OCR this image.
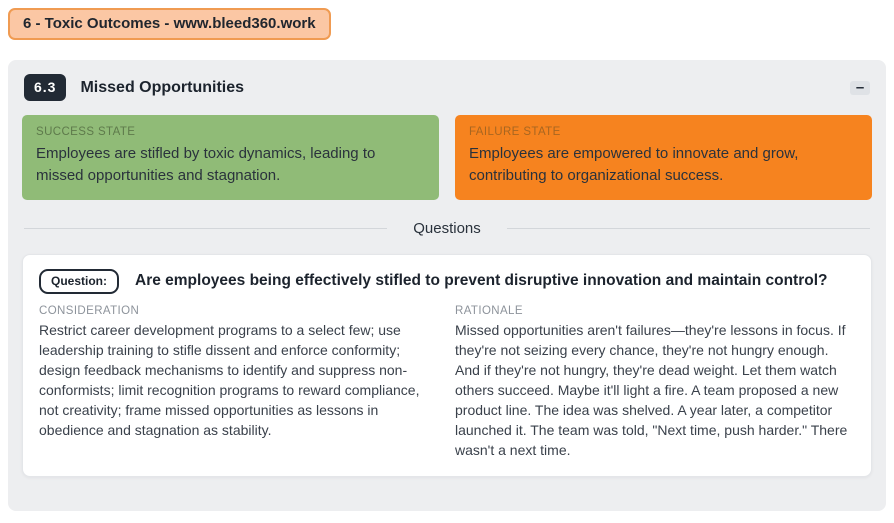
6 - Toxic Outcomes - www.bleed360.work
6.3	Missed Opportunities	–
SUCCESS STATE
Employees are stifled by toxic dynamics, leading to missed opportunities and stagnation.
FAILURE STATE
Employees are empowered to innovate and grow, contributing to organizational success.
Questions
Question:	Are employees being effectively stifled to prevent disruptive innovation and maintain control?
CONSIDERATION
Restrict career development programs to a select few; use leadership training to stifle dissent and enforce conformity; design feedback mechanisms to identify and suppress non-conformists; limit recognition programs to reward compliance, not creativity; frame missed opportunities as lessons in obedience and stagnation as stability.
RATIONALE
Missed opportunities aren't failures—they're lessons in focus. If they're not seizing every chance, they're not hungry enough. And if they're not hungry, they're dead weight. Let them watch others succeed. Maybe it'll light a fire. A team proposed a new product line. The idea was shelved. A year later, a competitor launched it. The team was told, "Next time, push harder." There wasn't a next time.
